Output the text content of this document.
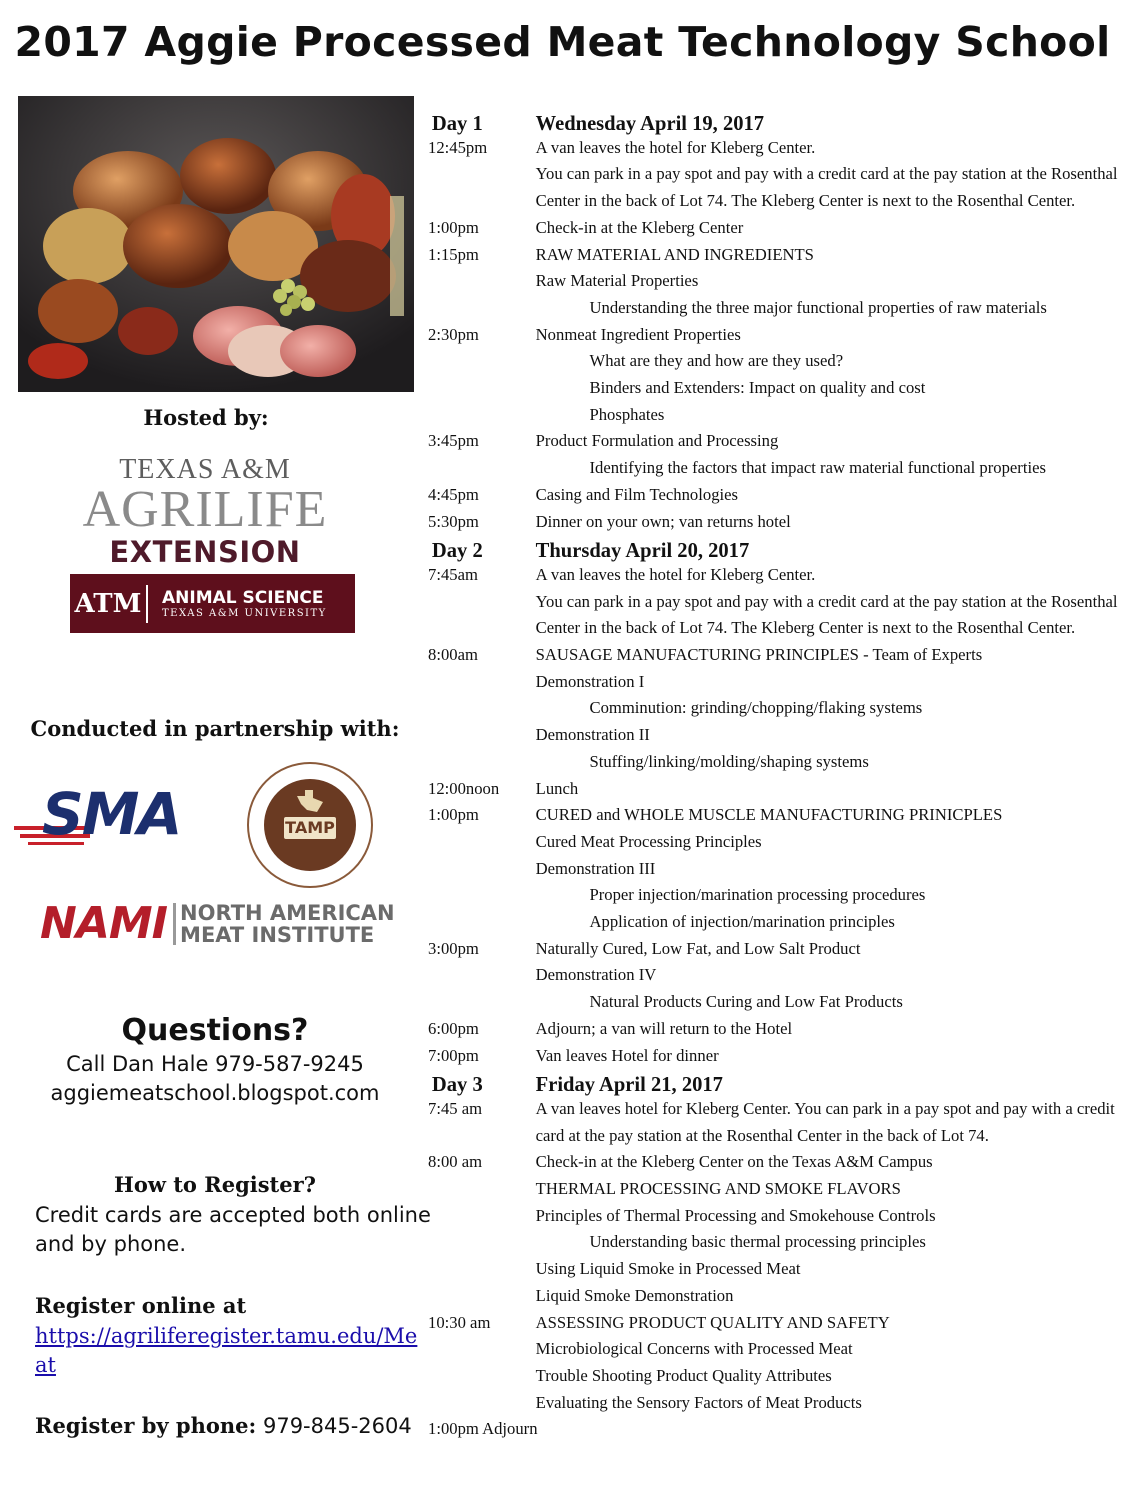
2017 Aggie Processed Meat Technology School
Hosted by:
TEXAS A&M
AGRILIFE
EXTENSION
ATM ANIMAL SCIENCE
TEXAS A&M UNIVERSITY
Conducted in partnership with:
SMA	TAMP
NAMI NORTH AMERICAN
MEAT INSTITUTE
Questions?
Call Dan Hale 979-587-9245
aggiemeatschool.blogspot.com
How to Register?
Credit cards are accepted both online and by phone.
Register online at
https://agriliferegister.tamu.edu/Meat
Register by phone: 979-845-2604
Day 1	Wednesday April 19, 2017
12:45pm	A van leaves the hotel for Kleberg Center.
You can park in a pay spot and pay with a credit card at the pay station at the Rosenthal
Center in the back of Lot 74. The Kleberg Center is next to the Rosenthal Center.
1:00pm	Check-in at the Kleberg Center
1:15pm	RAW MATERIAL AND INGREDIENTS
Raw Material Properties
Understanding the three major functional properties of raw materials
2:30pm	Nonmeat Ingredient Properties
What are they and how are they used?
Binders and Extenders: Impact on quality and cost
Phosphates
3:45pm	Product Formulation and Processing
Identifying the factors that impact raw material functional properties
4:45pm	Casing and Film Technologies
5:30pm	Dinner on your own; van returns hotel
Day 2	Thursday April 20, 2017
7:45am	A van leaves the hotel for Kleberg Center.
You can park in a pay spot and pay with a credit card at the pay station at the Rosenthal
Center in the back of Lot 74. The Kleberg Center is next to the Rosenthal Center.
8:00am	SAUSAGE MANUFACTURING PRINCIPLES - Team of Experts
Demonstration I
Comminution: grinding/chopping/flaking systems
Demonstration II
Stuffing/linking/molding/shaping systems
12:00noon Lunch
1:00pm	CURED and WHOLE MUSCLE MANUFACTURING PRINICPLES
Cured Meat Processing Principles
Demonstration III
Proper injection/marination processing procedures
Application of injection/marination principles
3:00pm	Naturally Cured, Low Fat, and Low Salt Product
Demonstration IV
Natural Products Curing and Low Fat Products
6:00pm	Adjourn; a van will return to the Hotel
7:00pm	Van leaves Hotel for dinner
Day 3	Friday April 21, 2017
7:45 am	A van leaves hotel for Kleberg Center. You can park in a pay spot and pay with a credit
card at the pay station at the Rosenthal Center in the back of Lot 74.
8:00 am	Check-in at the Kleberg Center on the Texas A&M Campus
THERMAL PROCESSING AND SMOKE FLAVORS
Principles of Thermal Processing and Smokehouse Controls
Understanding basic thermal processing principles
Using Liquid Smoke in Processed Meat
Liquid Smoke Demonstration
10:30 am	ASSESSING PRODUCT QUALITY AND SAFETY
Microbiological Concerns with Processed Meat
Trouble Shooting Product Quality Attributes
Evaluating the Sensory Factors of Meat Products
1:00pm Adjourn
